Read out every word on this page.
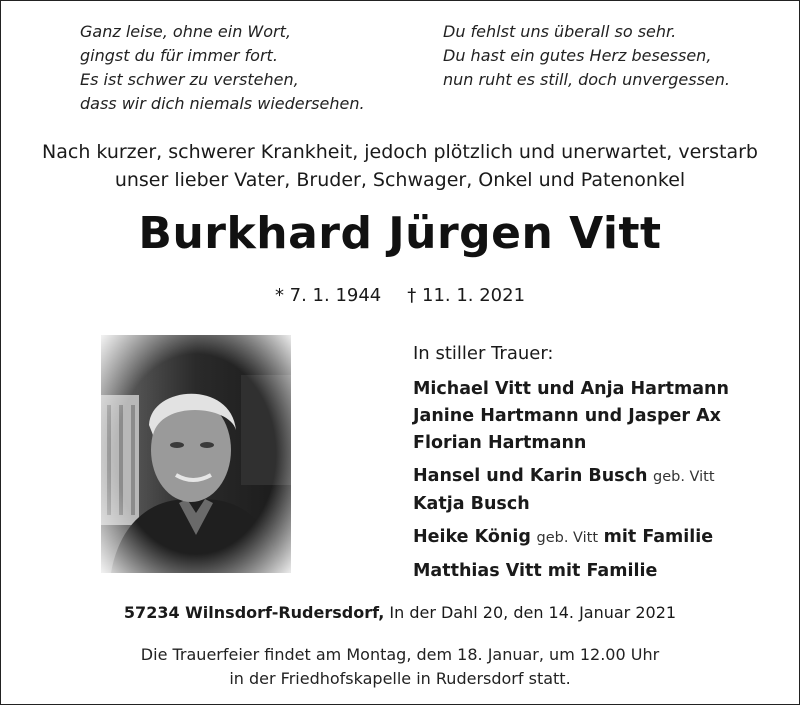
Ganz leise, ohne ein Wort,
gingst du für immer fort.
Es ist schwer zu verstehen,
dass wir dich niemals wiedersehen.
Du fehlst uns überall so sehr.
Du hast ein gutes Herz besessen,
nun ruht es still, doch unvergessen.
Nach kurzer, schwerer Krankheit, jedoch plötzlich und unerwartet, verstarb
unser lieber Vater, Bruder, Schwager, Onkel und Patenonkel
Burkhard Jürgen Vitt
* 7. 1. 1944 † 11. 1. 2021
In stiller Trauer:
Michael Vitt und Anja Hartmann
Janine Hartmann und Jasper Ax
Florian Hartmann
Hansel und Karin Busch geb. Vitt
Katja Busch
Heike König geb. Vitt mit Familie
Matthias Vitt mit Familie
57234 Wilnsdorf-Rudersdorf, In der Dahl 20, den 14. Januar 2021
Die Trauerfeier findet am Montag, dem 18. Januar, um 12.00 Uhr
in der Friedhofskapelle in Rudersdorf statt.
